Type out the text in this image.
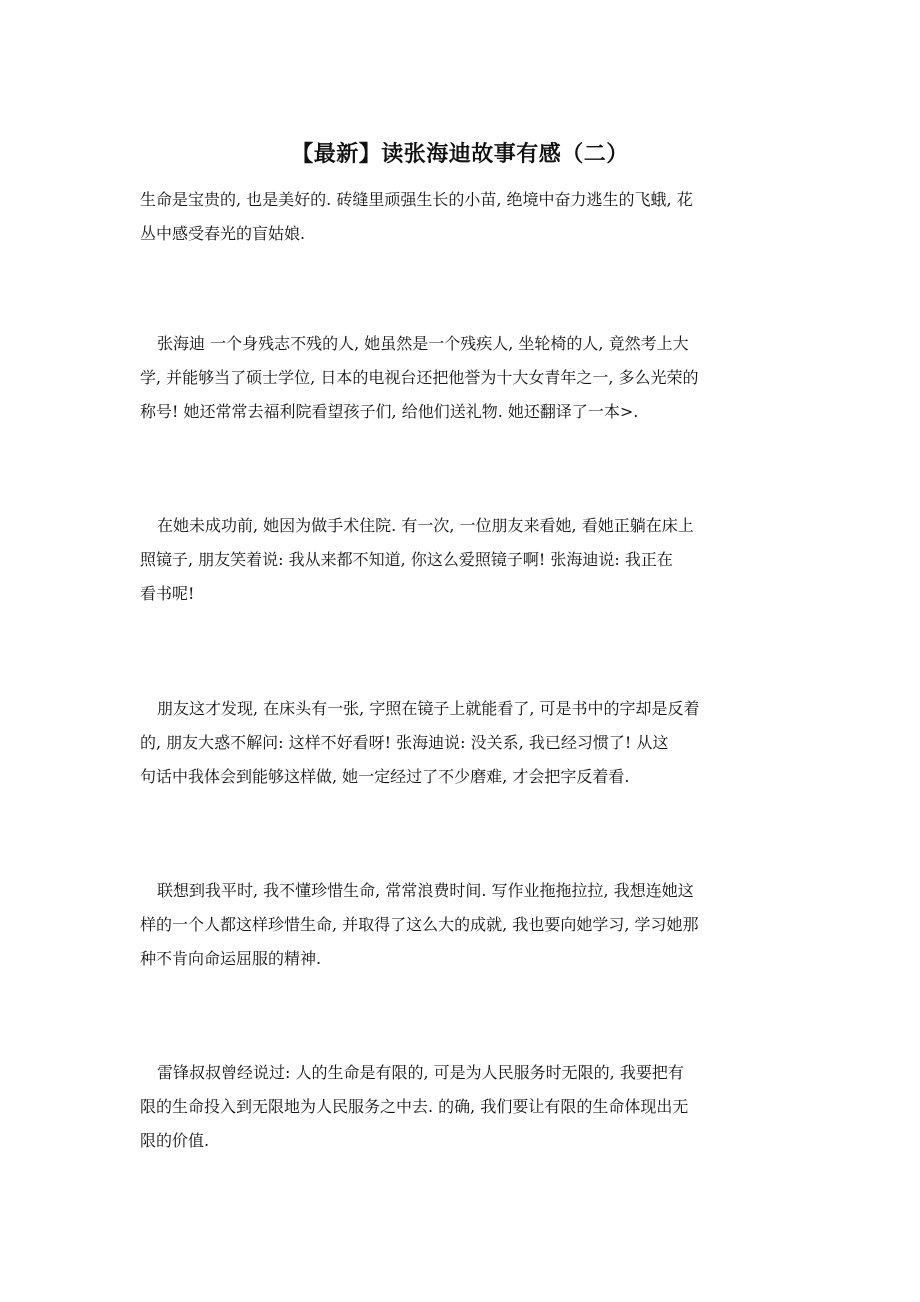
【最新】读张海迪故事有感（二）
生命是宝贵的, 也是美好的. 砖缝里顽强生长的小苗, 绝境中奋力逃生的飞蛾, 花
丛中感受春光的盲姑娘.
张海迪 一个身残志不残的人, 她虽然是一个残疾人, 坐轮椅的人, 竟然考上大
学, 并能够当了硕士学位, 日本的电视台还把他誉为十大女青年之一, 多么光荣的
称号! 她还常常去福利院看望孩子们, 给他们送礼物. 她还翻译了一本>.
在她未成功前, 她因为做手术住院. 有一次, 一位朋友来看她, 看她正躺在床上
照镜子, 朋友笑着说: 我从来都不知道, 你这么爱照镜子啊! 张海迪说: 我正在
看书呢!
朋友这才发现, 在床头有一张, 字照在镜子上就能看了, 可是书中的字却是反着
的, 朋友大惑不解问: 这样不好看呀! 张海迪说: 没关系, 我已经习惯了! 从这
句话中我体会到能够这样做, 她一定经过了不少磨难, 才会把字反着看.
联想到我平时, 我不懂珍惜生命, 常常浪费时间. 写作业拖拖拉拉, 我想连她这
样的一个人都这样珍惜生命, 并取得了这么大的成就, 我也要向她学习, 学习她那
种不肯向命运屈服的精神.
雷锋叔叔曾经说过: 人的生命是有限的, 可是为人民服务时无限的, 我要把有
限的生命投入到无限地为人民服务之中去. 的确, 我们要让有限的生命体现出无
限的价值.
